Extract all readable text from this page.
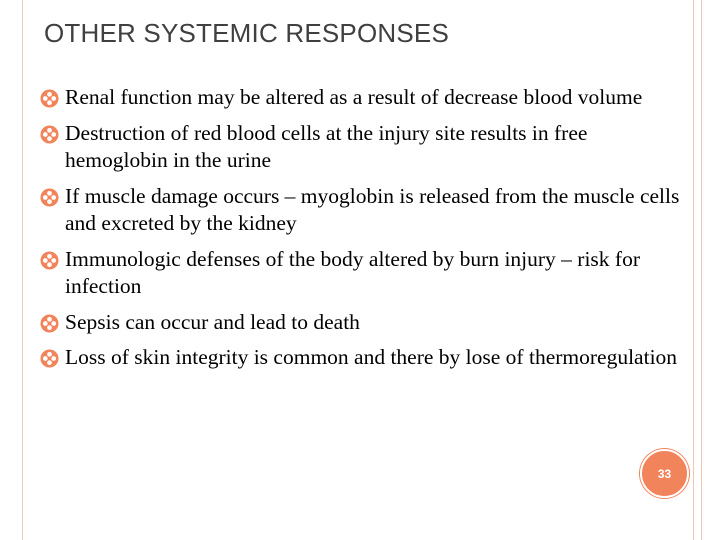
OTHER SYSTEMIC RESPONSES
Renal function may be altered as a result of decrease blood volume
Destruction of red blood cells at the injury site results in free hemoglobin in the urine
If muscle damage occurs – myoglobin is released from the muscle cells and excreted by the kidney
Immunologic defenses of the body altered by burn injury – risk for infection
Sepsis can occur and lead to death
Loss of skin integrity is common and there by lose of thermoregulation
33
